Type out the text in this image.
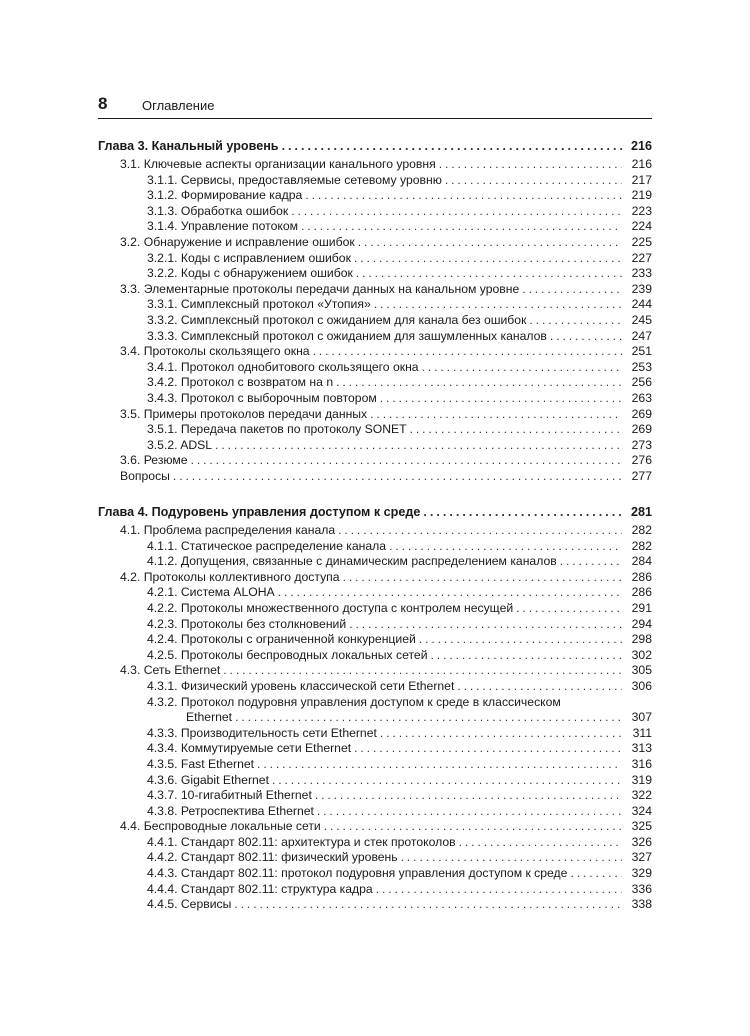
8	Оглавление
Глава 3. Канальный уровень . . .	216
3.1. Ключевые аспекты организации канального уровня . . .	216
3.1.1. Сервисы, предоставляемые сетевому уровню . . .	217
3.1.2. Формирование кадра . . .	219
3.1.3. Обработка ошибок . . .	223
3.1.4. Управление потоком . . .	224
3.2. Обнаружение и исправление ошибок . . .	225
3.2.1. Коды с исправлением ошибок . . .	227
3.2.2. Коды с обнаружением ошибок . . .	233
3.3. Элементарные протоколы передачи данных на канальном уровне . . .	239
3.3.1. Симплексный протокол «Утопия» . . .	244
3.3.2. Симплексный протокол с ожиданием для канала без ошибок . . .	245
3.3.3. Симплексный протокол с ожиданием для зашумленных каналов . . .	247
3.4. Протоколы скользящего окна . . .	251
3.4.1. Протокол однобитового скользящего окна . . .	253
3.4.2. Протокол с возвратом на n . . .	256
3.4.3. Протокол с выборочным повтором . . .	263
3.5. Примеры протоколов передачи данных . . .	269
3.5.1. Передача пакетов по протоколу SONET . . .	269
3.5.2. ADSL . . .	273
3.6. Резюме . . .	276
Вопросы . . .	277
Глава 4. Подуровень управления доступом к среде . . .	281
4.1. Проблема распределения канала . . .	282
4.1.1. Статическое распределение канала . . .	282
4.1.2. Допущения, связанные с динамическим распределением каналов . . .	284
4.2. Протоколы коллективного доступа . . .	286
4.2.1. Система ALOHA . . .	286
4.2.2. Протоколы множественного доступа с контролем несущей . . .	291
4.2.3. Протоколы без столкновений . . .	294
4.2.4. Протоколы с ограниченной конкуренцией . . .	298
4.2.5. Протоколы беспроводных локальных сетей . . .	302
4.3. Сеть Ethernet . . .	305
4.3.1. Физический уровень классической сети Ethernet . . .	306
4.3.2. Протокол подуровня управления доступом к среде в классическом
Ethernet . . .	307
4.3.3. Производительность сети Ethernet . . .	311
4.3.4. Коммутируемые сети Ethernet . . .	313
4.3.5. Fast Ethernet . . .	316
4.3.6. Gigabit Ethernet . . .	319
4.3.7. 10-гигабитный Ethernet . . .	322
4.3.8. Ретроспектива Ethernet . . .	324
4.4. Беспроводные локальные сети . . .	325
4.4.1. Стандарт 802.11: архитектура и стек протоколов . . .	326
4.4.2. Стандарт 802.11: физический уровень . . .	327
4.4.3. Стандарт 802.11: протокол подуровня управления доступом к среде . . .	329
4.4.4. Стандарт 802.11: структура кадра . . .	336
4.4.5. Сервисы . . .	338
